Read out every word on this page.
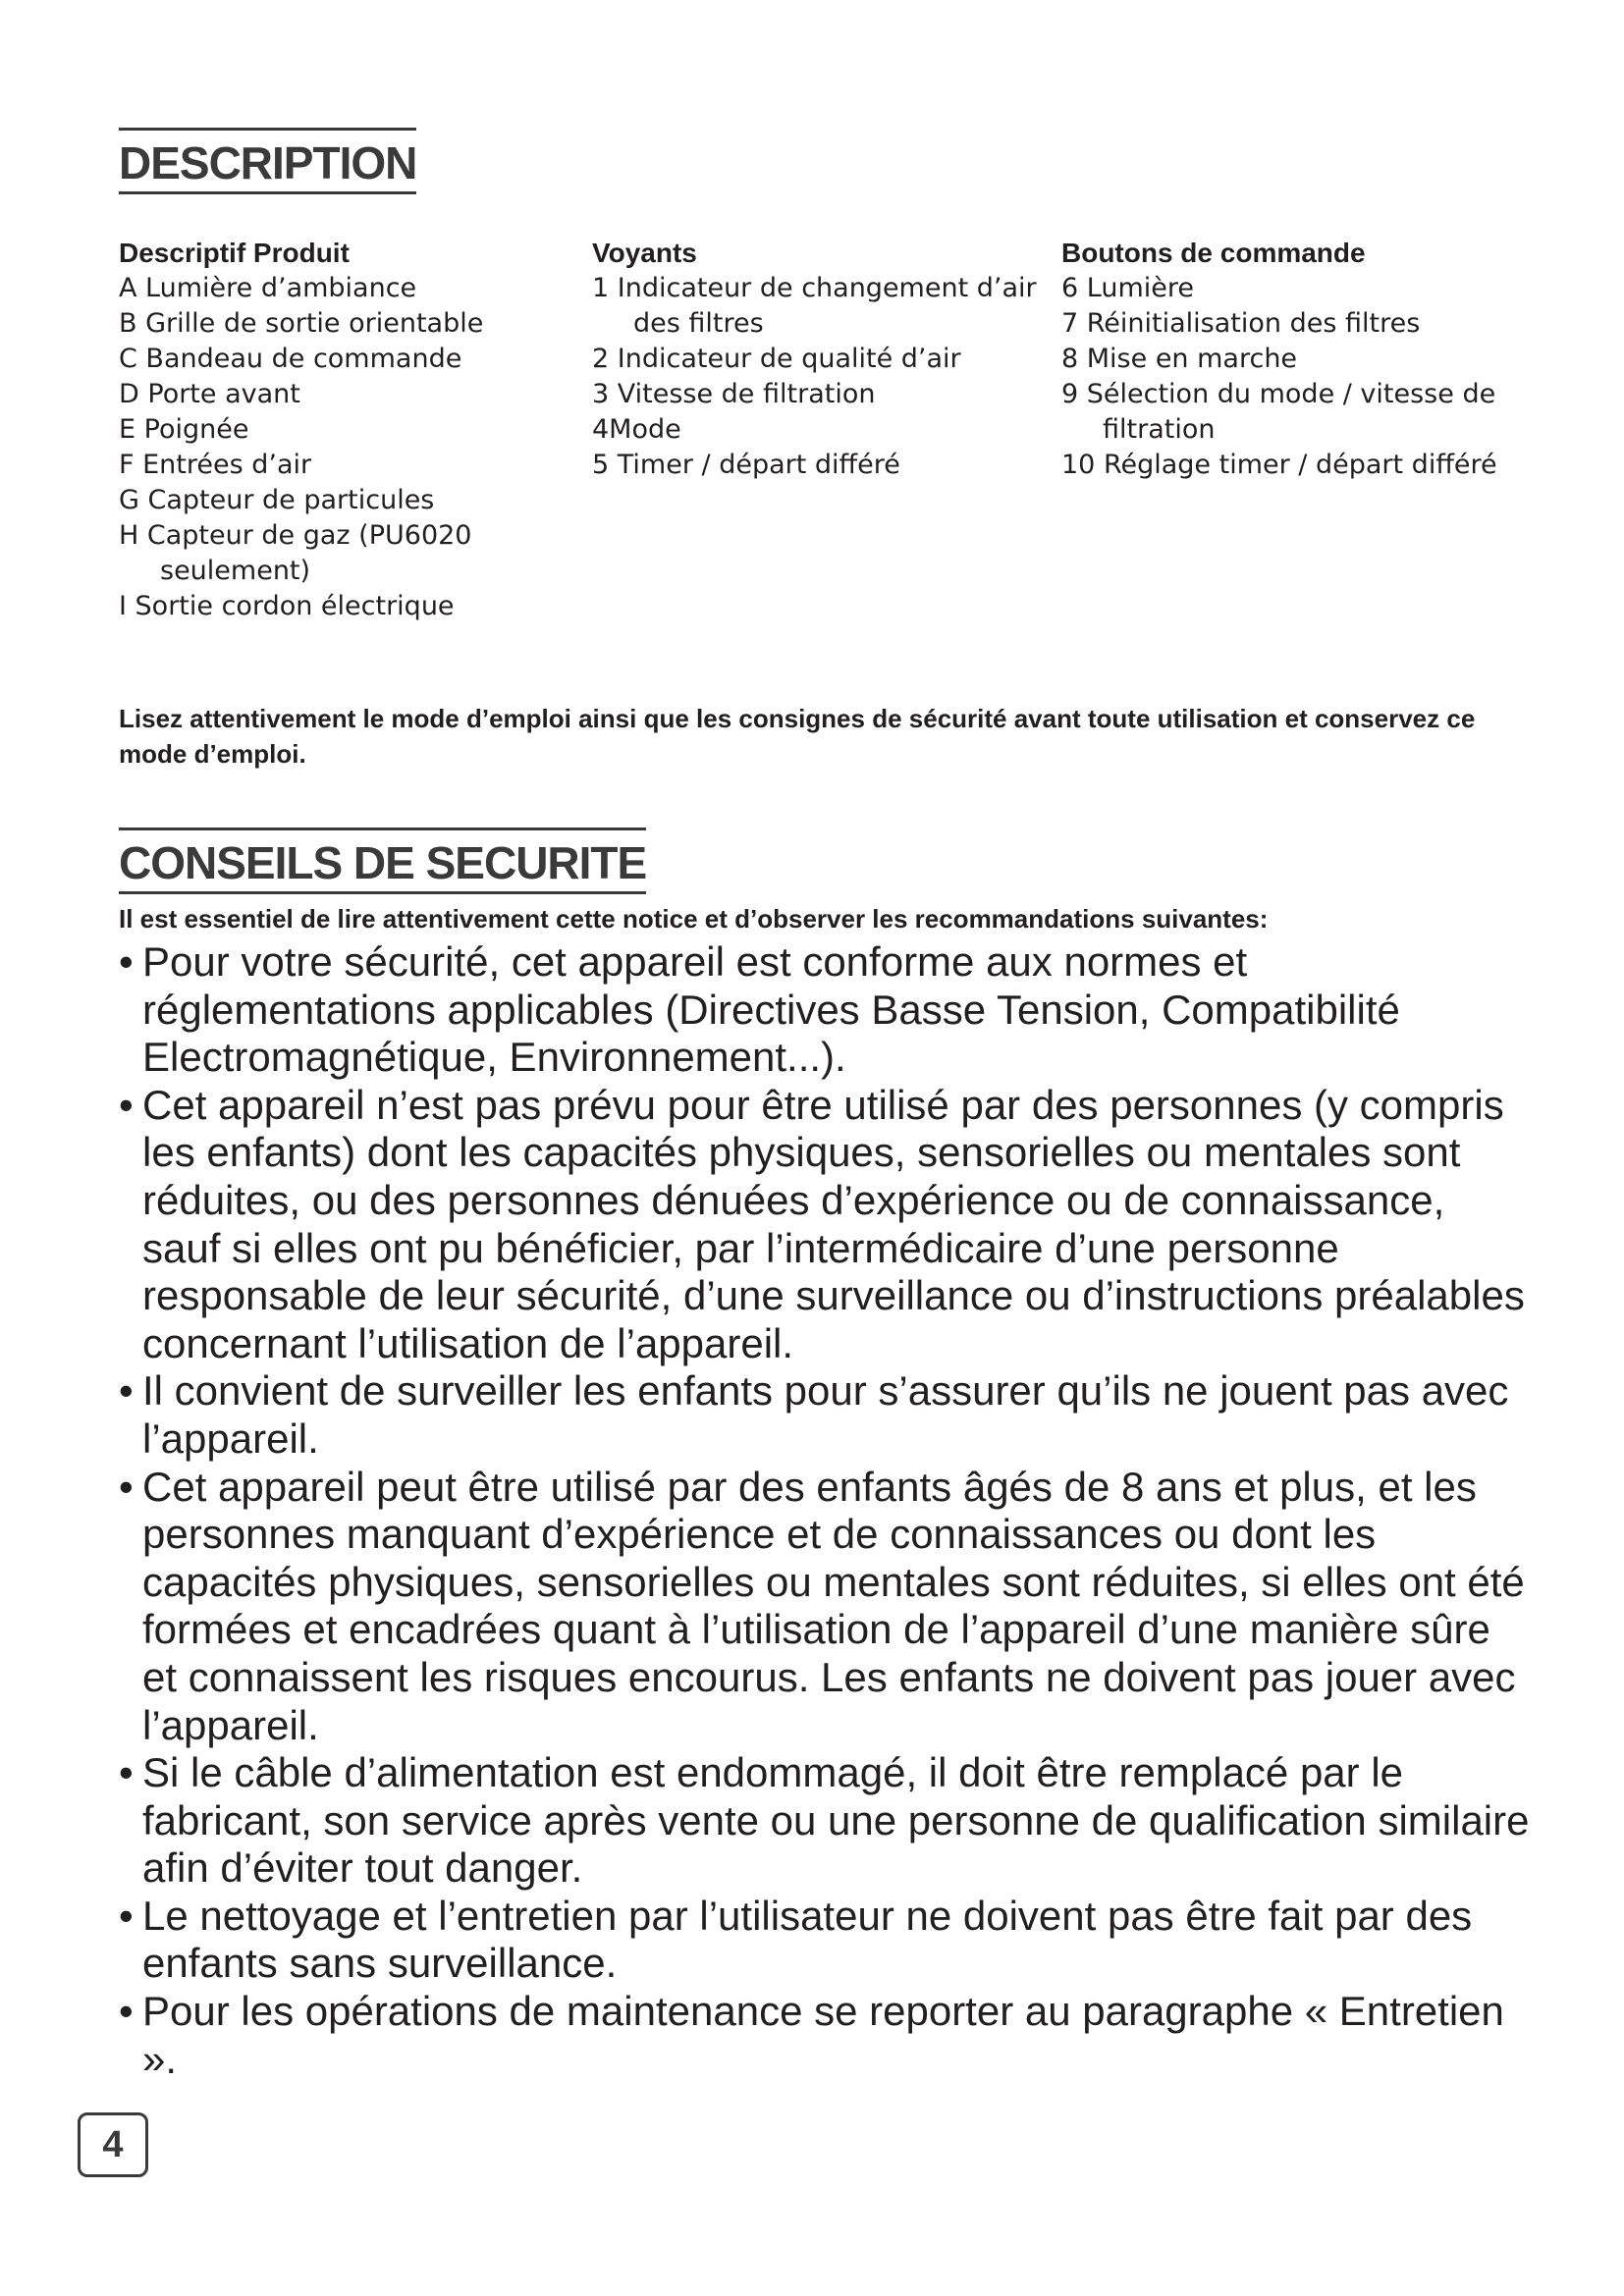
DESCRIPTION

Descriptif Produit

A Lumière d’ambiance
B Grille de sortie orientable
C Bandeau de commande
D Porte avant
E Poignée
F Entrées d’air
G Capteur de particules
H Capteur de gaz (PU6020 seulement)
I Sortie cordon électrique

Voyants

1 Indicateur de changement d’air des filtres
2 Indicateur de qualité d’air
3 Vitesse de filtration
4Mode
5 Timer / départ différé

Boutons de commande

6 Lumière
7 Réinitialisation des filtres
8 Mise en marche
9 Sélection du mode / vitesse de filtration
10 Réglage timer / départ différé

Lisez attentivement le mode d’emploi ainsi que les consignes de sécurité avant toute utilisation et conservez ce mode d’emploi.

CONSEILS DE SECURITE

Il est essentiel de lire attentivement cette notice et d’observer les recommandations suivantes:

• Pour votre sécurité, cet appareil est conforme aux normes et réglementations applicables (Directives Basse Tension, Compatibilité Electromagnétique, Environnement...).
• Cet appareil n’est pas prévu pour être utilisé par des personnes (y compris les enfants) dont les capacités physiques, sensorielles ou mentales sont réduites, ou des personnes dénuées d’expérience ou de connaissance, sauf si elles ont pu bénéficier, par l’intermédicaire d’une personne responsable de leur sécurité, d’une surveillance ou d’instructions préalables concernant l’utilisation de l’appareil.
• Il convient de surveiller les enfants pour s’assurer qu’ils ne jouent pas avec l’appareil.
• Cet appareil peut être utilisé par des enfants âgés de 8 ans et plus, et les personnes manquant d’expérience et de connaissances ou dont les capacités physiques, sensorielles ou mentales sont réduites, si elles ont été formées et encadrées quant à l’utilisation de l’appareil d’une manière sûre et connaissent les risques encourus. Les enfants ne doivent pas jouer avec l’appareil.
• Si le câble d’alimentation est endommagé, il doit être remplacé par le fabricant, son service après vente ou une personne de qualification similaire afin d’éviter tout danger.
• Le nettoyage et l’entretien par l’utilisateur ne doivent pas être fait par des enfants sans surveillance.
• Pour les opérations de maintenance se reporter au paragraphe « Entretien ».
4
